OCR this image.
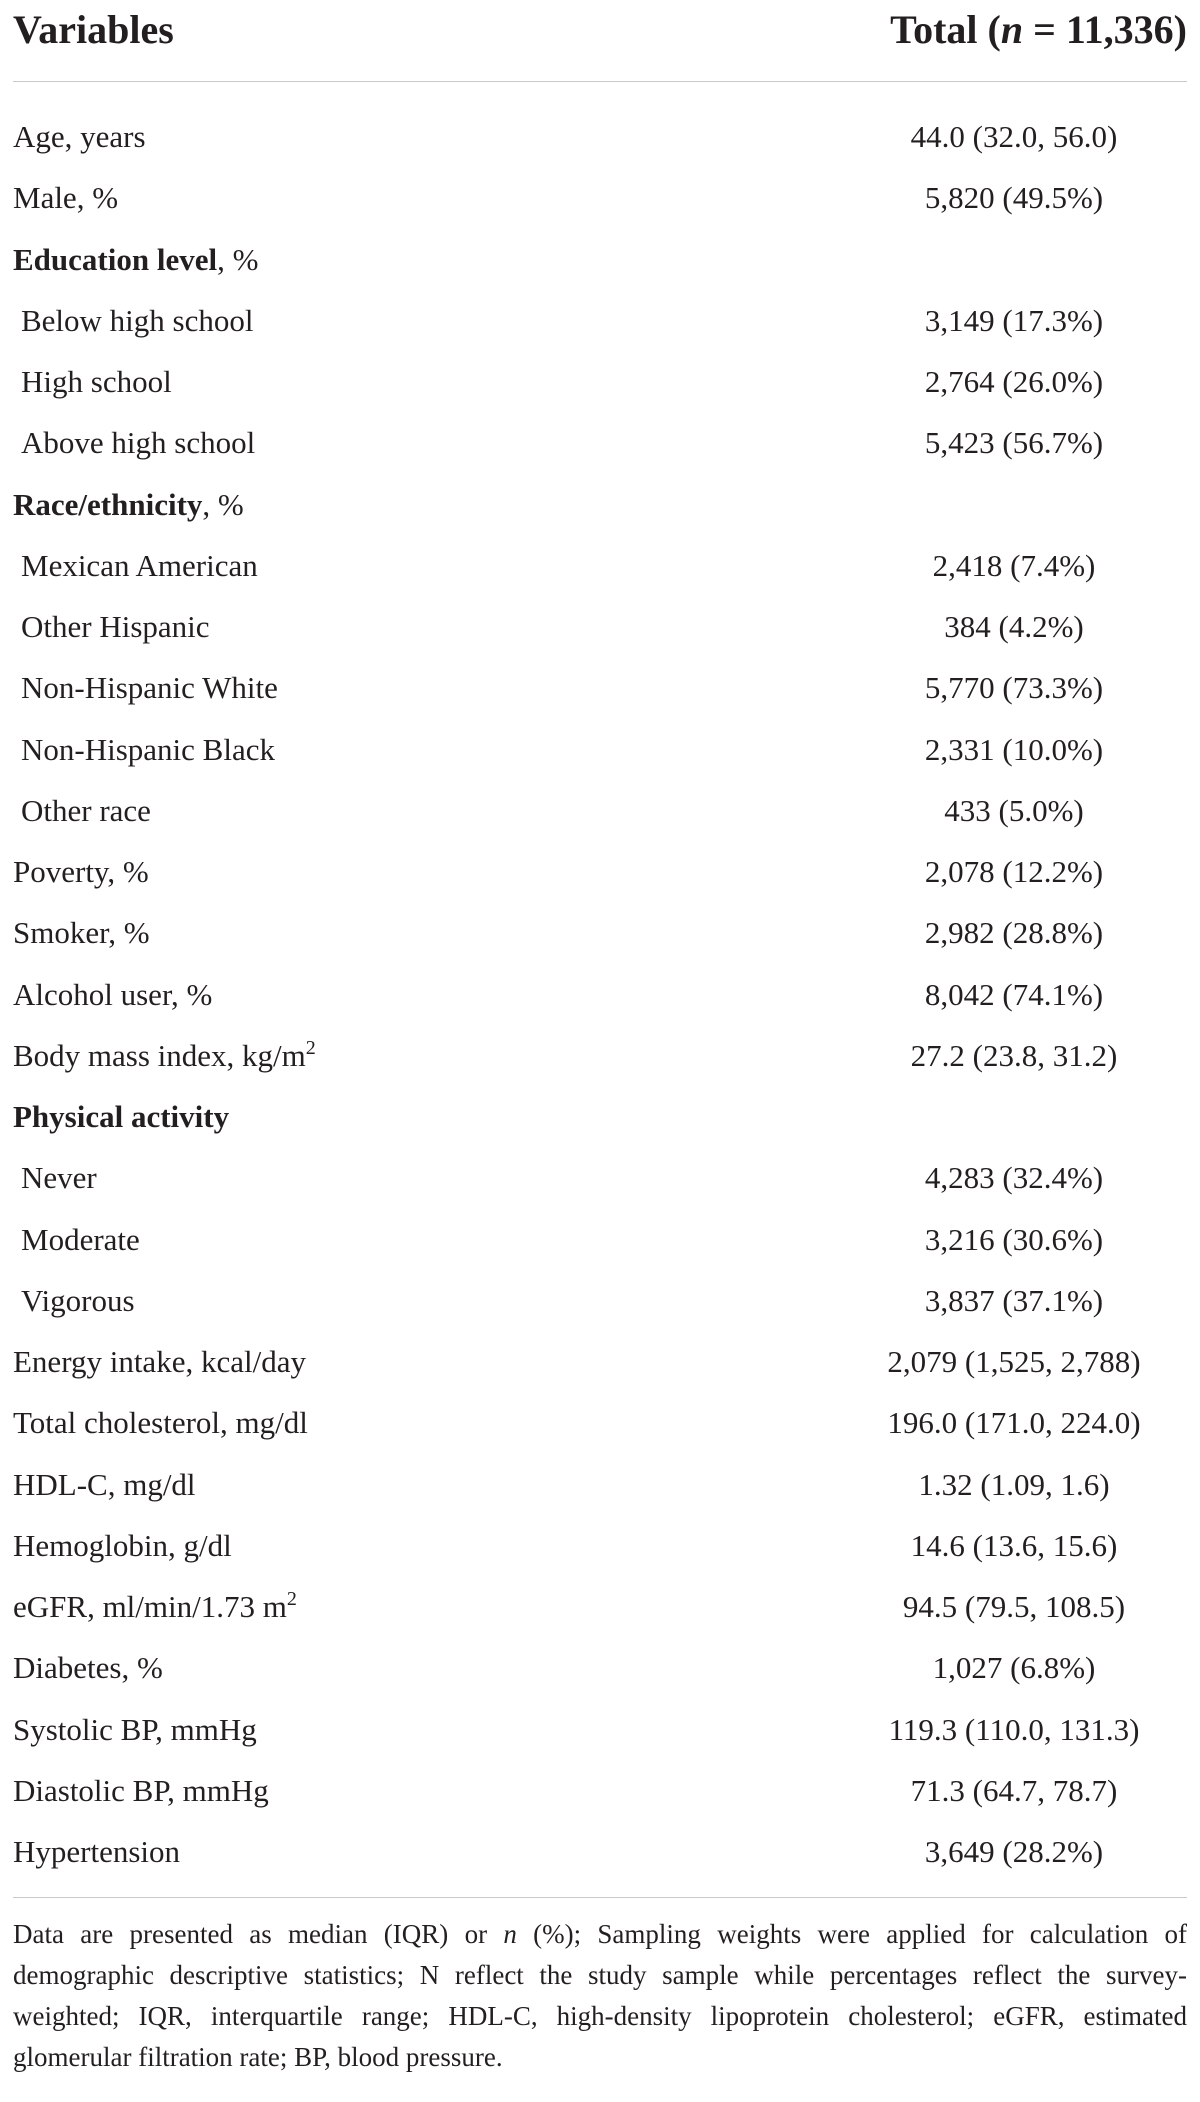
Variables	Total (n = 11,336)
Age, years	44.0 (32.0, 56.0)
Male, %	5,820 (49.5%)
Education level, %
Below high school	3,149 (17.3%)
High school	2,764 (26.0%)
Above high school	5,423 (56.7%)
Race/ethnicity, %
Mexican American	2,418 (7.4%)
Other Hispanic	384 (4.2%)
Non-Hispanic White	5,770 (73.3%)
Non-Hispanic Black	2,331 (10.0%)
Other race	433 (5.0%)
Poverty, %	2,078 (12.2%)
Smoker, %	2,982 (28.8%)
Alcohol user, %	8,042 (74.1%)
Body mass index, $kg/m^2$	27.2 (23.8, 31.2)
Physical activity
Never	4,283 (32.4%)
Moderate	3,216 (30.6%)
Vigorous	3,837 (37.1%)
Energy intake, kcal/day	2,079 (1,525, 2,788)
Total cholesterol, mg/dl	196.0 (171.0, 224.0)
HDL-C, mg/dl	1.32 (1.09, 1.6)
Hemoglobin, g/dl	14.6 (13.6, 15.6)
eGFR, ml/min/1.73 $m^2$	94.5 (79.5, 108.5)
Diabetes, %	1,027 (6.8%)
Systolic BP, mmHg	119.3 (110.0, 131.3)
Diastolic BP, mmHg	71.3 (64.7, 78.7)
Hypertension	3,649 (28.2%)
Data are presented as median (IQR) or n (%); Sampling weights were applied for calculation of demographic descriptive statistics; N reflect the study sample while percentages reflect the survey-weighted; IQR, interquartile range; HDL-C, high-density lipoprotein cholesterol; eGFR, estimated glomerular filtration rate; BP, blood pressure.
